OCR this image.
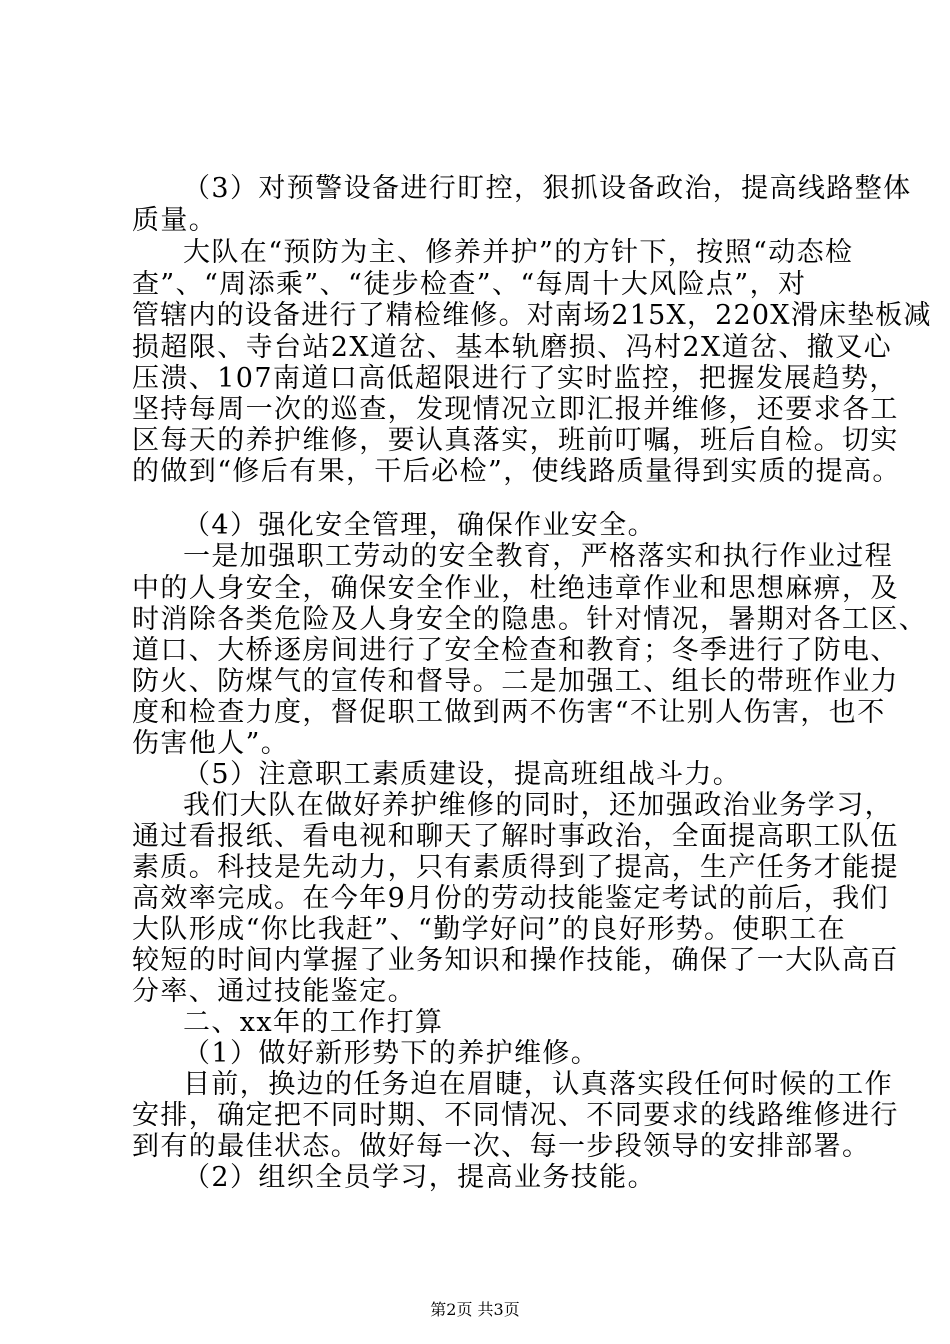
（3）对预警设备进行盯控，狠抓设备政治，提高线路整体
质量。
大队在“预防为主、修养并护”的方针下，按照“动态检
查”、“周添乘”、“徒步检查”、“每周十大风险点”，对
管辖内的设备进行了精检维修。对南场215X，220X滑床垫板减
损超限、寺台站2X道岔、基本轨磨损、冯村2X道岔、撤叉心
压溃、107南道口高低超限进行了实时监控，把握发展趋势，
坚持每周一次的巡查，发现情况立即汇报并维修，还要求各工
区每天的养护维修，要认真落实，班前叮嘱，班后自检。切实
的做到“修后有果，干后必检”，使线路质量得到实质的提高。
（4）强化安全管理，确保作业安全。
一是加强职工劳动的安全教育，严格落实和执行作业过程
中的人身安全，确保安全作业，杜绝违章作业和思想麻痹，及
时消除各类危险及人身安全的隐患。针对情况，暑期对各工区、
道口、大桥逐房间进行了安全检查和教育；冬季进行了防电、
防火、防煤气的宣传和督导。二是加强工、组长的带班作业力
度和检查力度，督促职工做到两不伤害“不让别人伤害，也不
伤害他人”。
（5）注意职工素质建设，提高班组战斗力。
我们大队在做好养护维修的同时，还加强政治业务学习，
通过看报纸、看电视和聊天了解时事政治，全面提高职工队伍
素质。科技是先动力，只有素质得到了提高，生产任务才能提
高效率完成。在今年9月份的劳动技能鉴定考试的前后，我们
大队形成“你比我赶”、“勤学好问”的良好形势。使职工在
较短的时间内掌握了业务知识和操作技能，确保了一大队高百
分率、通过技能鉴定。
二、xx年的工作打算
（1）做好新形势下的养护维修。
目前，换边的任务迫在眉睫，认真落实段任何时候的工作
安排，确定把不同时期、不同情况、不同要求的线路维修进行
到有的最佳状态。做好每一次、每一步段领导的安排部署。
（2）组织全员学习，提高业务技能。
第2页 共3页
